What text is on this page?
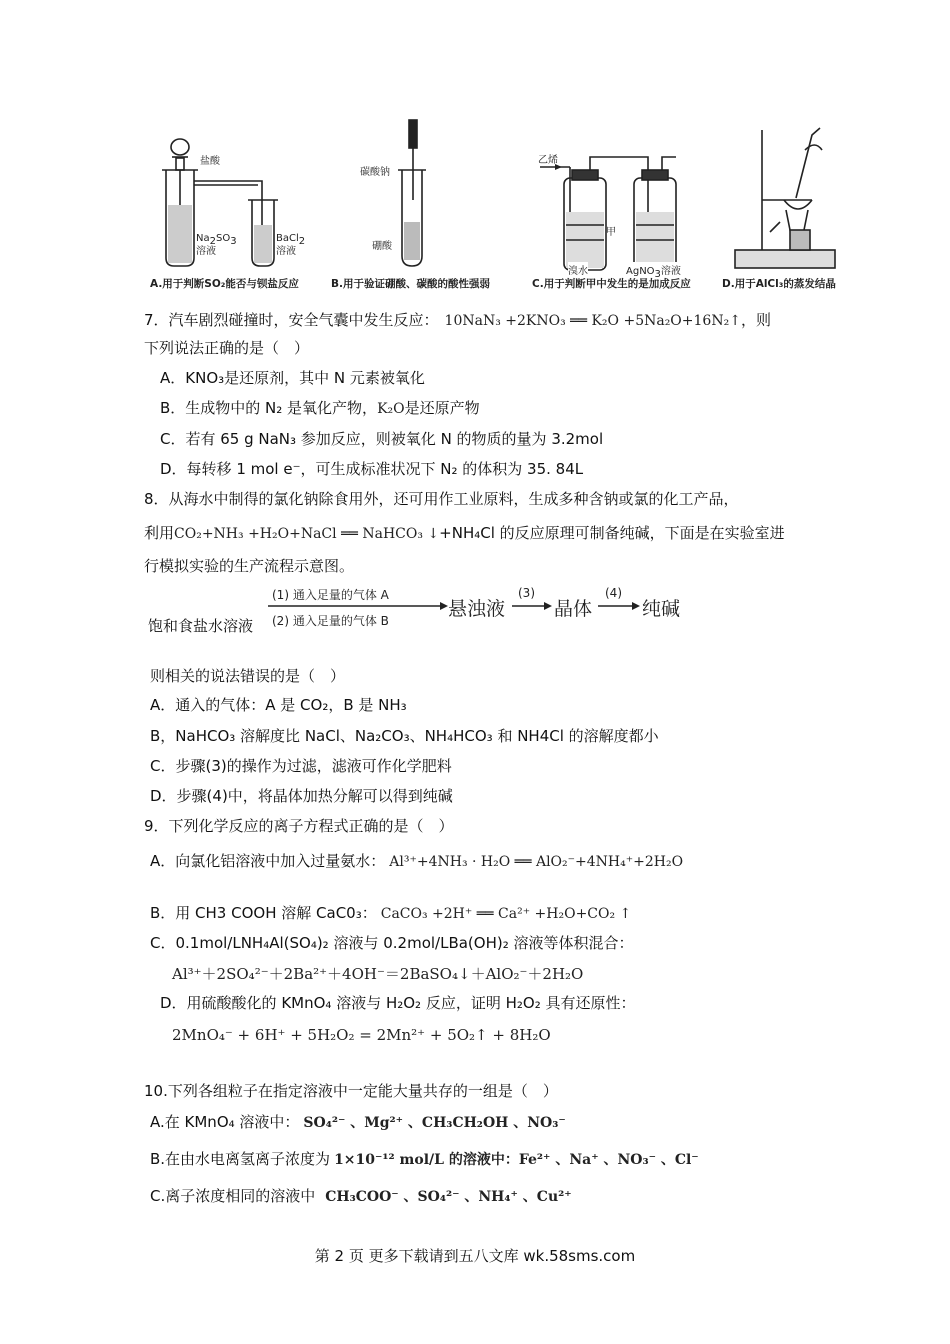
盐酸
$Na_2SO_3$
溶液
BaCl$_2$
溶液
碳酸钠
硼酸
乙烯
甲
溴水	AgNO$_3$溶液
A.用于判断SO₂能否与钡盐反应	B.用于验证硼酸、碳酸的酸性强弱	C.用于判断甲中发生的是加成反应	D.用于AlCl₃的蒸发结晶
7．汽车剧烈碰撞时，安全气囊中发生反应： 10NaN₃ +2KNO₃ ══ K₂O +5Na₂O+16N₂↑，则
下列说法正确的是（　）
A．KNO₃是还原剂，其中 N 元素被氧化
B．生成物中的 N₂ 是氧化产物，K₂O是还原产物
C．若有 65 g NaN₃ 参加反应，则被氧化 N 的物质的量为 3.2mol
D．每转移 1 mol e⁻，可生成标准状况下 N₂ 的体积为 35. 84L
8．从海水中制得的氯化钠除食用外，还可用作工业原料，生成多种含钠或氯的化工产品，
利用CO₂+NH₃ +H₂O+NaCl ══ NaHCO₃ ↓+NH₄Cl 的反应原理可制备纯碱，下面是在实验室进
行模拟实验的生产流程示意图。
饱和食盐水溶液
(1) 通入足量的气体 A
(2) 通入足量的气体 B
悬浊液
(3)
晶体
(4)
纯碱
则相关的说法错误的是（　）
A．通入的气体：A 是 CO₂，B 是 NH₃
B，NaHCO₃ 溶解度比 NaCl、Na₂CO₃、NH₄HCO₃ 和 NH4Cl 的溶解度都小
C．步骤(3)的操作为过滤，滤液可作化学肥料
D．步骤(4)中，将晶体加热分解可以得到纯碱
9．下列化学反应的离子方程式正确的是（　）
A．向氯化铝溶液中加入过量氨水： Al³⁺+4NH₃ · H₂O ══ AlO₂⁻+4NH₄⁺+2H₂O
B．用 CH3 COOH 溶解 CaC0₃： CaCO₃ +2H⁺ ══ Ca²⁺ +H₂O+CO₂ ↑
C．0.1mol/LNH₄Al(SO₄)₂ 溶液与 0.2mol/LBa(OH)₂ 溶液等体积混合：
Al³⁺＋2SO₄²⁻＋2Ba²⁺＋4OH⁻＝2BaSO₄↓＋AlO₂⁻＋2H₂O
D．用硫酸酸化的 KMnO₄ 溶液与 H₂O₂ 反应，证明 H₂O₂ 具有还原性：
2MnO₄⁻ + 6H⁺ + 5H₂O₂ = 2Mn²⁺ + 5O₂↑ + 8H₂O
10.下列各组粒子在指定溶液中一定能大量共存的一组是（　）
A.在 KMnO₄ 溶液中： SO₄²⁻ 、Mg²⁺ 、CH₃CH₂OH 、NO₃⁻
B.在由水电离氢离子浓度为 1×10⁻¹² mol/L 的溶液中：Fe²⁺ 、Na⁺ 、NO₃⁻ 、Cl⁻
C.离子浓度相同的溶液中 CH₃COO⁻ 、SO₄²⁻ 、NH₄⁺ 、Cu²⁺
第 2 页 更多下载请到五八文库 wk.58sms.com
